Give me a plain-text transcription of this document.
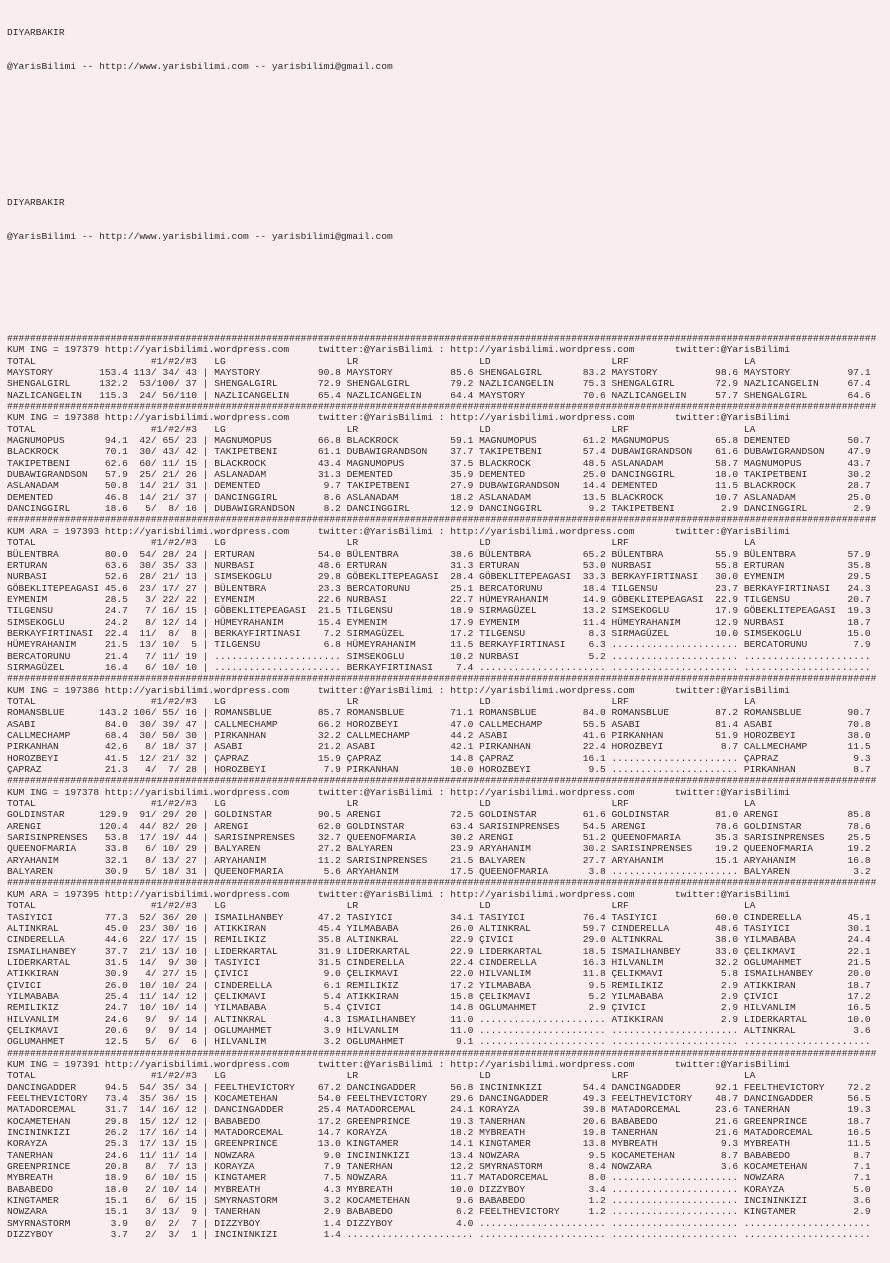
DIYARBAKIR

@YarisBilimi -- http://www.yarisbilimi.com -- yarisbilimi@gmail.com

DIYARBAKIR

@YarisBilimi -- http://www.yarisbilimi.com -- yarisbilimi@gmail.com

#######################################################################################################################################################
KUM ING = 197379 http://yarisbilimi.wordpress.com     twitter:@YarisBilimi : http://yarisbilimi.wordpress.com       twitter:@YarisBilimi
TOTAL                    #1/#2/#3   LG                     LR                     LD                     LRF                    LA
MAYSTORY        153.4 113/ 34/ 43 | MAYSTORY          90.8 MAYSTORY          85.6 SHENGALGIRL       83.2 MAYSTORY          98.6 MAYSTORY          97.1
SHENGALGIRL     132.2  53/100/ 37 | SHENGALGIRL       72.9 SHENGALGIRL       79.2 NAZLICANGELIN     75.3 SHENGALGIRL       72.9 NAZLICANGELIN     67.4
NAZLICANGELIN   115.3  24/ 56/110 | NAZLICANGELIN     65.4 NAZLICANGELIN     64.4 MAYSTORY          70.6 NAZLICANGELIN     57.7 SHENGALGIRL       64.6
#######################################################################################################################################################
KUM ING = 197388 http://yarisbilimi.wordpress.com     twitter:@YarisBilimi : http://yarisbilimi.wordpress.com       twitter:@YarisBilimi
TOTAL                    #1/#2/#3   LG                     LR                     LD                     LRF                    LA
MAGNUMOPUS       94.1  42/ 65/ 23 | MAGNUMOPUS        66.8 BLACKROCK         59.1 MAGNUMOPUS        61.2 MAGNUMOPUS        65.8 DEMENTED          50.7
BLACKROCK        70.1  30/ 43/ 42 | TAKIPETBENI       61.1 DUBAWIGRANDSON    37.7 TAKIPETBENI       57.4 DUBAWIGRANDSON    61.6 DUBAWIGRANDSON    47.9
TAKIPETBENI      62.6  60/ 11/ 15 | BLACKROCK         43.4 MAGNUMOPUS        37.5 BLACKROCK         48.5 ASLANADAM         58.7 MAGNUMOPUS        43.7
DUBAWIGRANDSON   57.9  25/ 21/ 26 | ASLANADAM         31.3 DEMENTED          35.9 DEMENTED          25.0 DANCINGGIRL       18.0 TAKIPETBENI       30.2
ASLANADAM        50.8  14/ 21/ 31 | DEMENTED           9.7 TAKIPETBENI       27.9 DUBAWIGRANDSON    14.4 DEMENTED          11.5 BLACKROCK         28.7
DEMENTED         46.8  14/ 21/ 37 | DANCINGGIRL        8.6 ASLANADAM         18.2 ASLANADAM         13.5 BLACKROCK         10.7 ASLANADAM         25.0
DANCINGGIRL      18.6   5/  8/ 16 | DUBAWIGRANDSON     8.2 DANCINGGIRL       12.9 DANCINGGIRL        9.2 TAKIPETBENI        2.9 DANCINGGIRL        2.9
#######################################################################################################################################################
KUM ARA = 197393 http://yarisbilimi.wordpress.com     twitter:@YarisBilimi : http://yarisbilimi.wordpress.com       twitter:@YarisBilimi
TOTAL                    #1/#2/#3   LG                     LR                     LD                     LRF                    LA
BÜLENTBRA        80.0  54/ 28/ 24 | ERTURAN           54.0 BÜLENTBRA         38.6 BÜLENTBRA         65.2 BÜLENTBRA         55.9 BÜLENTBRA         57.9
ERTURAN          63.6  30/ 35/ 33 | NURBASI           48.6 ERTURAN           31.3 ERTURAN           53.0 NURBASI           55.8 ERTURAN           35.8
NURBASI          52.6  28/ 21/ 13 | SIMSEKOGLU        29.8 GÖBEKLITEPEAGASI  28.4 GÖBEKLITEPEAGASI  33.3 BERKAYFIRTINASI   30.0 EYMENIM           29.5
GÖBEKLITEPEAGASI 45.6  23/ 17/ 27 | BÜLENTBRA         23.3 BERCATORUNU       25.1 BERCATORUNU       18.4 TILGENSU          23.7 BERKAYFIRTINASI   24.3
EYMENIM          28.5   3/ 22/ 22 | EYMENIM           22.6 NURBASI           22.7 HÜMEYRAHANIM      14.9 GÖBEKLITEPEAGASI  22.9 TILGENSU          20.7
TILGENSU         24.7   7/ 16/ 15 | GÖBEKLITEPEAGASI  21.5 TILGENSU          18.9 SIRMAGÜZEL        13.2 SIMSEKOGLU        17.9 GÖBEKLITEPEAGASI  19.3
SIMSEKOGLU       24.2   8/ 12/ 14 | HÜMEYRAHANIM      15.4 EYMENIM           17.9 EYMENIM           11.4 HÜMEYRAHANIM      12.9 NURBASI           18.7
BERKAYFIRTINASI  22.4  11/  8/  8 | BERKAYFIRTINASI    7.2 SIRMAGÜZEL        17.2 TILGENSU           8.3 SIRMAGÜZEL        10.0 SIMSEKOGLU        15.0
HÜMEYRAHANIM     21.5  13/ 10/  5 | TILGENSU           6.8 HÜMEYRAHANIM      11.5 BERKAYFIRTINASI    6.3 ...................... BERCATORUNU        7.9
BERCATORUNU      21.4   7/ 11/ 19 | ...................... SIMSEKOGLU        10.2 NURBASI            5.2 ...................... ......................
SIRMAGÜZEL       16.4   6/ 10/ 10 | ...................... BERKAYFIRTINASI    7.4 ...................... ...................... ......................
#######################################################################################################################################################
KUM ING = 197386 http://yarisbilimi.wordpress.com     twitter:@YarisBilimi : http://yarisbilimi.wordpress.com       twitter:@YarisBilimi
TOTAL                    #1/#2/#3   LG                     LR                     LD                     LRF                    LA
ROMANSBLUE      143.2 106/ 55/ 16 | ROMANSBLUE        85.7 ROMANSBLUE        71.1 ROMANSBLUE        84.0 ROMANSBLUE        87.2 ROMANSBLUE        90.7
ASABI            84.0  30/ 39/ 47 | CALLMECHAMP       66.2 HOROZBEYI         47.0 CALLMECHAMP       55.5 ASABI             81.4 ASABI             70.8
CALLMECHAMP      68.4  30/ 50/ 30 | PIRKANHAN         32.2 CALLMECHAMP       44.2 ASABI             41.6 PIRKANHAN         51.9 HOROZBEYI         38.0
PIRKANHAN        42.6   8/ 18/ 37 | ASABI             21.2 ASABI             42.1 PIRKANHAN         22.4 HOROZBEYI          8.7 CALLMECHAMP       11.5
HOROZBEYI        41.5  12/ 21/ 32 | ÇAPRAZ            15.9 ÇAPRAZ            14.8 ÇAPRAZ            16.1 ...................... ÇAPRAZ             9.3
ÇAPRAZ           21.3   4/  7/ 28 | HOROZBEYI          7.9 PIRKANHAN         10.0 HOROZBEYI          9.5 ...................... PIRKANHAN          8.7
#######################################################################################################################################################
KUM ING = 197378 http://yarisbilimi.wordpress.com     twitter:@YarisBilimi : http://yarisbilimi.wordpress.com       twitter:@YarisBilimi
TOTAL                    #1/#2/#3   LG                     LR                     LD                     LRF                    LA
GOLDINSTAR      129.9  91/ 29/ 20 | GOLDINSTAR        90.5 ARENGI            72.5 GOLDINSTAR        61.6 GOLDINSTAR        81.0 ARENGI            85.8
ARENGI          120.4  44/ 82/ 20 | ARENGI            62.0 GOLDINSTAR        63.4 SARISINPRENSES    54.5 ARENGI            78.6 GOLDINSTAR        78.6
SARISINPRENSES   53.8  17/ 19/ 44 | SARISINPRENSES    32.7 QUEENOFMARIA      30.2 ARENGI            51.2 QUEENOFMARIA      35.3 SARISINPRENSES    25.5
QUEENOFMARIA     33.8   6/ 10/ 29 | BALYAREN          27.2 BALYAREN          23.9 ARYAHANIM         30.2 SARISINPRENSES    19.2 QUEENOFMARIA      19.2
ARYAHANIM        32.1   8/ 13/ 27 | ARYAHANIM         11.2 SARISINPRENSES    21.5 BALYAREN          27.7 ARYAHANIM         15.1 ARYAHANIM         16.8
BALYAREN         30.9   5/ 18/ 31 | QUEENOFMARIA       5.6 ARYAHANIM         17.5 QUEENOFMARIA       3.8 ...................... BALYAREN           3.2
#######################################################################################################################################################
KUM ARA = 197395 http://yarisbilimi.wordpress.com     twitter:@YarisBilimi : http://yarisbilimi.wordpress.com       twitter:@YarisBilimi
TOTAL                    #1/#2/#3   LG                     LR                     LD                     LRF                    LA
TASIYICI         77.3  52/ 36/ 20 | ISMAILHANBEY      47.2 TASIYICI          34.1 TASIYICI          76.4 TASIYICI          60.0 CINDERELLA        45.1
ALTINKRAL        45.0  23/ 30/ 16 | ATIKKIRAN         45.4 YILMABABA         26.0 ALTINKRAL         59.7 CINDERELLA        48.6 TASIYICI          30.1
CINDERELLA       44.6  22/ 17/ 15 | REMILIKIZ         35.8 ALTINKRAL         22.9 ÇIVICI            29.0 ALTINKRAL         38.0 YILMABABA         24.4
ISMAILHANBEY     37.7  21/ 13/ 10 | LIDERKARTAL       31.9 LIDERKARTAL       22.9 LIDERKARTAL       18.5 ISMAILHANBEY      33.0 ÇELIKMAVI         22.1
LIDERKARTAL      31.5  14/  9/ 30 | TASIYICI          31.5 CINDERELLA        22.4 CINDERELLA        16.3 HILVANLIM         32.2 OGLUMAHMET        21.5
ATIKKIRAN        30.9   4/ 27/ 15 | ÇIVICI             9.0 ÇELIKMAVI         22.0 HILVANLIM         11.8 ÇELIKMAVI          5.8 ISMAILHANBEY      20.0
ÇIVICI           26.0  10/ 10/ 24 | CINDERELLA         6.1 REMILIKIZ         17.2 YILMABABA          9.5 REMILIKIZ          2.9 ATIKKIRAN         18.7
YILMABABA        25.4  11/ 14/ 12 | ÇELIKMAVI          5.4 ATIKKIRAN         15.8 ÇELIKMAVI          5.2 YILMABABA          2.9 ÇIVICI            17.2
REMILIKIZ        24.7  10/ 10/ 14 | YILMABABA          5.4 ÇIVICI            14.8 OGLUMAHMET         2.9 ÇIVICI             2.9 HILVANLIM         16.5
HILVANLIM        24.6   9/  9/ 14 | ALTINKRAL          4.3 ISMAILHANBEY      11.0 ...................... ATIKKIRAN          2.9 LIDERKARTAL       10.0
ÇELIKMAVI        20.6   9/  9/ 14 | OGLUMAHMET         3.9 HILVANLIM         11.0 ...................... ...................... ALTINKRAL          3.6
OGLUMAHMET       12.5   5/  6/  6 | HILVANLIM          3.2 OGLUMAHMET         9.1 ...................... ...................... ......................
#######################################################################################################################################################
KUM ING = 197391 http://yarisbilimi.wordpress.com     twitter:@YarisBilimi : http://yarisbilimi.wordpress.com       twitter:@YarisBilimi
TOTAL                    #1/#2/#3   LG                     LR                     LD                     LRF                    LA
DANCINGADDER     94.5  54/ 35/ 34 | FEELTHEVICTORY    67.2 DANCINGADDER      56.8 INCININKIZI       54.4 DANCINGADDER      92.1 FEELTHEVICTORY    72.2
FEELTHEVICTORY   73.4  35/ 36/ 15 | KOCAMETEHAN       54.0 FEELTHEVICTORY    29.6 DANCINGADDER      49.3 FEELTHEVICTORY    48.7 DANCINGADDER      56.5
MATADORCEMAL     31.7  14/ 16/ 12 | DANCINGADDER      25.4 MATADORCEMAL      24.1 KORAYZA           39.8 MATADORCEMAL      23.6 TANERHAN          19.3
KOCAMETEHAN      29.8  15/ 12/ 12 | BABABEDO          17.2 GREENPRINCE       19.3 TANERHAN          20.6 BABABEDO          21.6 GREENPRINCE       18.7
INCININKIZI      26.2  17/ 16/ 14 | MATADORCEMAL      14.7 KORAYZA           18.2 MYBREATH          19.8 TANERHAN          21.6 MATADORCEMAL      16.5
KORAYZA          25.3  17/ 13/ 15 | GREENPRINCE       13.0 KINGTAMER         14.1 KINGTAMER         13.8 MYBREATH           9.3 MYBREATH          11.5
TANERHAN         24.6  11/ 11/ 14 | NOWZARA            9.0 INCININKIZI       13.4 NOWZARA            9.5 KOCAMETEHAN        8.7 BABABEDO           8.7
GREENPRINCE      20.8   8/  7/ 13 | KORAYZA            7.9 TANERHAN          12.2 SMYRNASTORM        8.4 NOWZARA            3.6 KOCAMETEHAN        7.1
MYBREATH         18.9   6/ 10/ 15 | KINGTAMER          7.5 NOWZARA           11.7 MATADORCEMAL       8.0 ...................... NOWZARA            7.1
BABABEDO         18.0   2/ 10/ 14 | MYBREATH           4.3 MYBREATH          10.0 DIZZYBOY           3.4 ...................... KORAYZA            5.0
KINGTAMER        15.1   6/  6/ 15 | SMYRNASTORM        3.2 KOCAMETEHAN        9.6 BABABEDO           1.2 ...................... INCININKIZI        3.6
NOWZARA          15.1   3/ 13/  9 | TANERHAN           2.9 BABABEDO           6.2 FEELTHEVICTORY     1.2 ...................... KINGTAMER          2.9
SMYRNASTORM       3.9   0/  2/  7 | DIZZYBOY           1.4 DIZZYBOY           4.0 ...................... ...................... ......................
DIZZYBOY          3.7   2/  3/  1 | INCININKIZI        1.4 ...................... ...................... ...................... ......................
